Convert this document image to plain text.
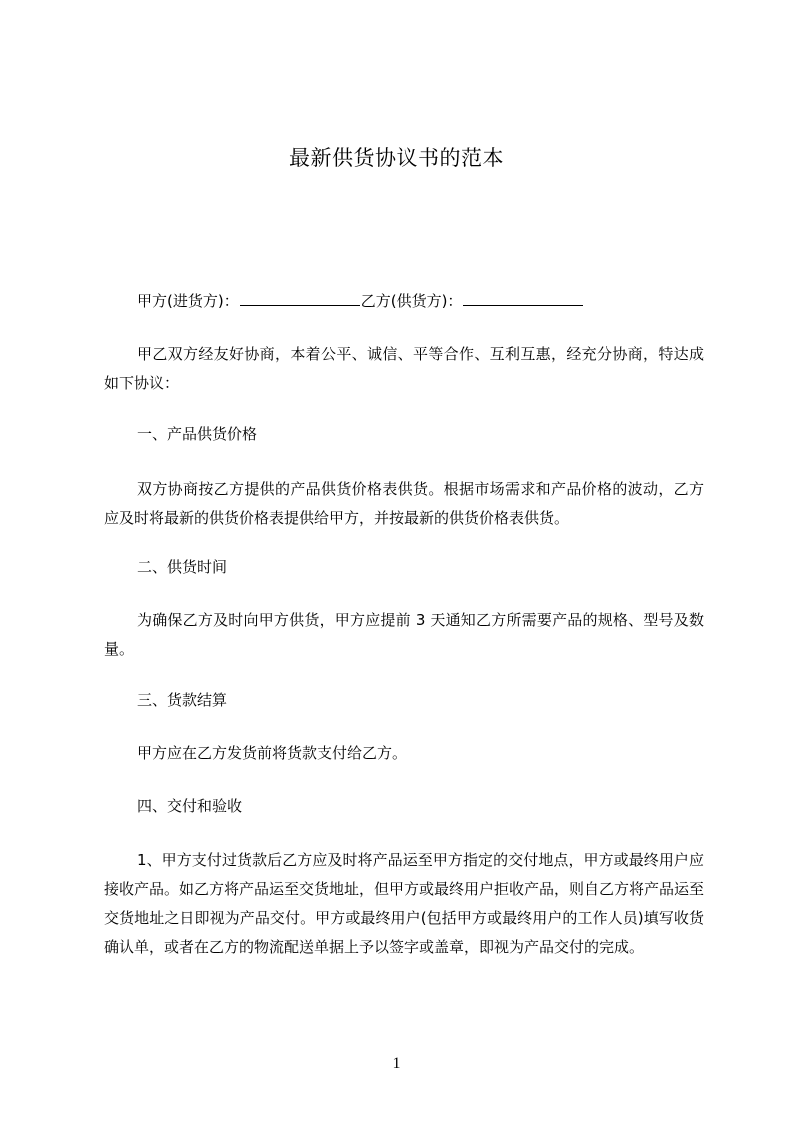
最新供货协议书的范本
甲方(进货方)：	乙方(供货方)：
甲乙双方经友好协商，本着公平、诚信、平等合作、互利互惠，经充分协商，特达成如下协议：
一、产品供货价格
双方协商按乙方提供的产品供货价格表供货。根据市场需求和产品价格的波动，乙方应及时将最新的供货价格表提供给甲方，并按最新的供货价格表供货。
二、供货时间
为确保乙方及时向甲方供货，甲方应提前 3 天通知乙方所需要产品的规格、型号及数量。
三、货款结算
甲方应在乙方发货前将货款支付给乙方。
四、交付和验收
1、甲方支付过货款后乙方应及时将产品运至甲方指定的交付地点，甲方或最终用户应接收产品。如乙方将产品运至交货地址，但甲方或最终用户拒收产品，则自乙方将产品运至交货地址之日即视为产品交付。甲方或最终用户(包括甲方或最终用户的工作人员)填写收货确认单，或者在乙方的物流配送单据上予以签字或盖章，即视为产品交付的完成。
1
